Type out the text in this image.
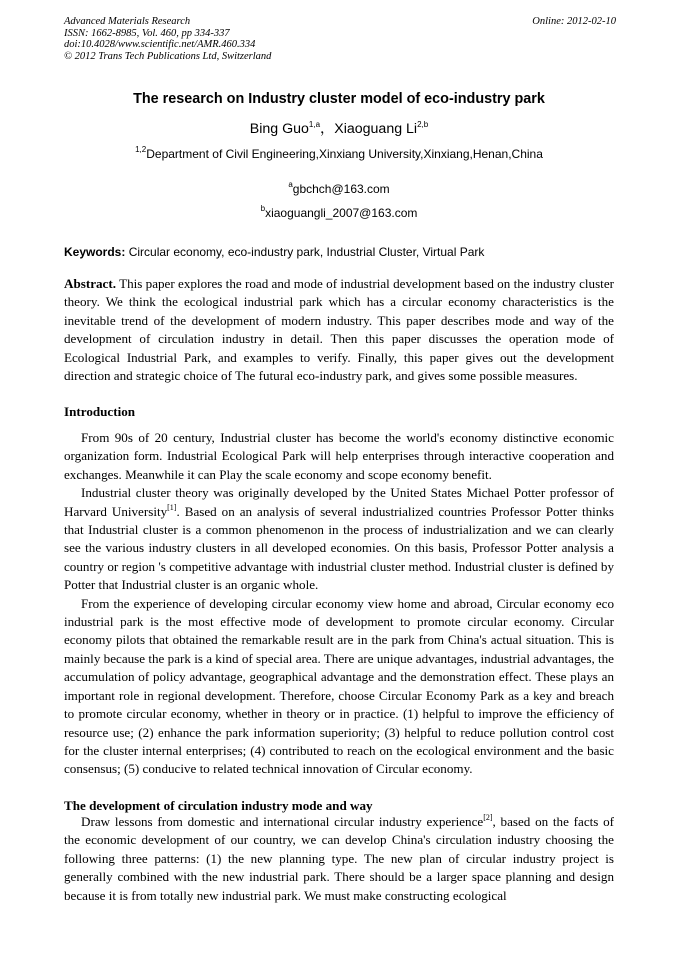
Advanced Materials Research
ISSN: 1662-8985, Vol. 460, pp 334-337
doi:10.4028/www.scientific.net/AMR.460.334
© 2012 Trans Tech Publications Ltd, Switzerland
Online: 2012-02-10
The research on Industry cluster model of eco-industry park
Bing Guo$^{1,a}$，Xiaoguang Li$^{2,b}$
$^{1,2}$Department of Civil Engineering,Xinxiang University,Xinxiang,Henan,China
$^a$gbchch@163.com
$^b$xiaoguangli_2007@163.com
Keywords: Circular economy, eco-industry park, Industrial Cluster, Virtual Park
Abstract. This paper explores the road and mode of industrial development based on the industry cluster theory. We think the ecological industrial park which has a circular economy characteristics is the inevitable trend of the development of modern industry. This paper describes mode and way of the development of circulation industry in detail. Then this paper discusses the operation mode of Ecological Industrial Park, and examples to verify. Finally, this paper gives out the development direction and strategic choice of The futural eco-industry park, and gives some possible measures.
Introduction

From 90s of 20 century, Industrial cluster has become the world's economy distinctive economic organization form. Industrial Ecological Park will help enterprises through interactive cooperation and exchanges. Meanwhile it can Play the scale economy and scope economy benefit.

Industrial cluster theory was originally developed by the United States Michael Potter professor of Harvard University[1]. Based on an analysis of several industrialized countries Professor Potter thinks that Industrial cluster is a common phenomenon in the process of industrialization and we can clearly see the various industry clusters in all developed economies. On this basis, Professor Potter analysis a country or region 's competitive advantage with industrial cluster method. Industrial cluster is defined by Potter that Industrial cluster is an organic whole.

From the experience of developing circular economy view home and abroad, Circular economy eco industrial park is the most effective mode of development to promote circular economy. Circular economy pilots that obtained the remarkable result are in the park from China's actual situation. This is mainly because the park is a kind of special area. There are unique advantages, industrial advantages, the accumulation of policy advantage, geographical advantage and the demonstration effect. These plays an important role in regional development. Therefore, choose Circular Economy Park as a key and breach to promote circular economy, whether in theory or in practice. (1) helpful to improve the efficiency of resource use; (2) enhance the park information superiority; (3) helpful to reduce pollution control cost for the cluster internal enterprises; (4) contributed to reach on the ecological environment and the basic consensus; (5) conducive to related technical innovation of Circular economy.

The development of circulation industry mode and way

Draw lessons from domestic and international circular industry experience[2], based on the facts of the economic development of our country, we can develop China's circulation industry choosing the following three patterns: (1) the new planning type. The new plan of circular industry project is generally combined with the new industrial park. There should be a larger space planning and design because it is from totally new industrial park. We must make constructing ecological
